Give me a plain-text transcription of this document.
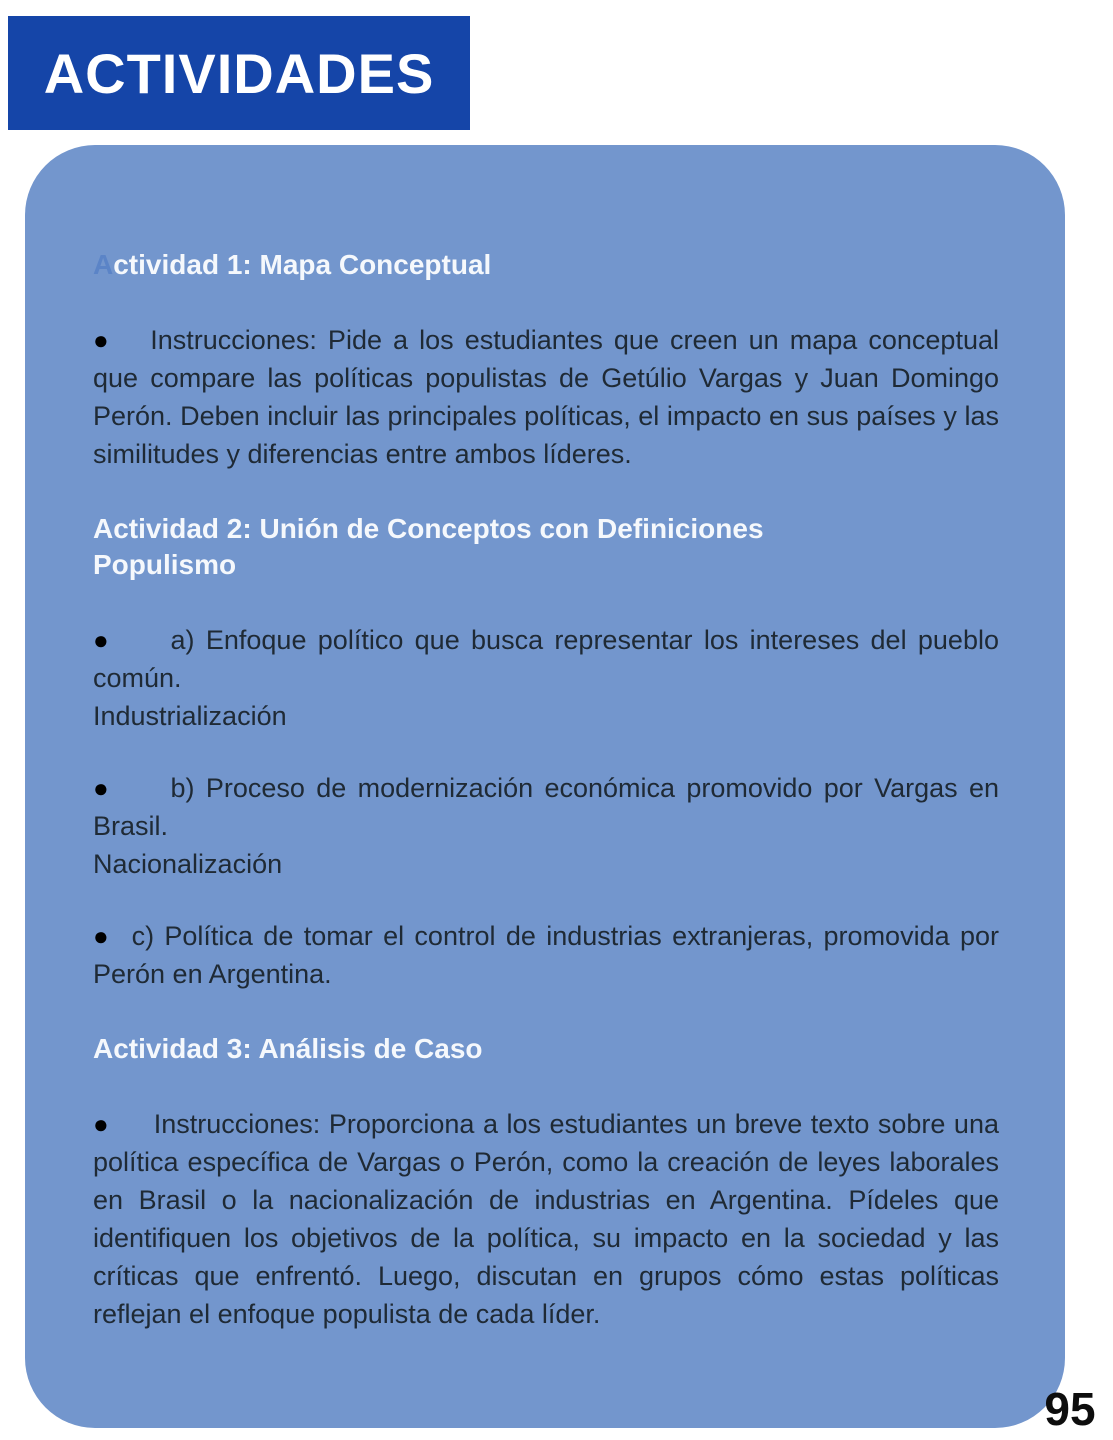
ACTIVIDADES
Actividad 1: Mapa Conceptual

● Instrucciones: Pide a los estudiantes que creen un mapa conceptual que compare las políticas populistas de Getúlio Vargas y Juan Domingo Perón. Deben incluir las principales políticas, el impacto en sus países y las similitudes y diferencias entre ambos líderes.

Actividad 2: Unión de Conceptos con Definiciones
Populismo

● a) Enfoque político que busca representar los intereses del pueblo común.

Industrialización

● b) Proceso de modernización económica promovido por Vargas en Brasil.

Nacionalización

● c) Política de tomar el control de industrias extranjeras, promovida por Perón en Argentina.

Actividad 3: Análisis de Caso

● Instrucciones: Proporciona a los estudiantes un breve texto sobre una política específica de Vargas o Perón, como la creación de leyes laborales en Brasil o la nacionalización de industrias en Argentina. Pídeles que identifiquen los objetivos de la política, su impacto en la sociedad y las críticas que enfrentó. Luego, discutan en grupos cómo estas políticas reflejan el enfoque populista de cada líder.

95
